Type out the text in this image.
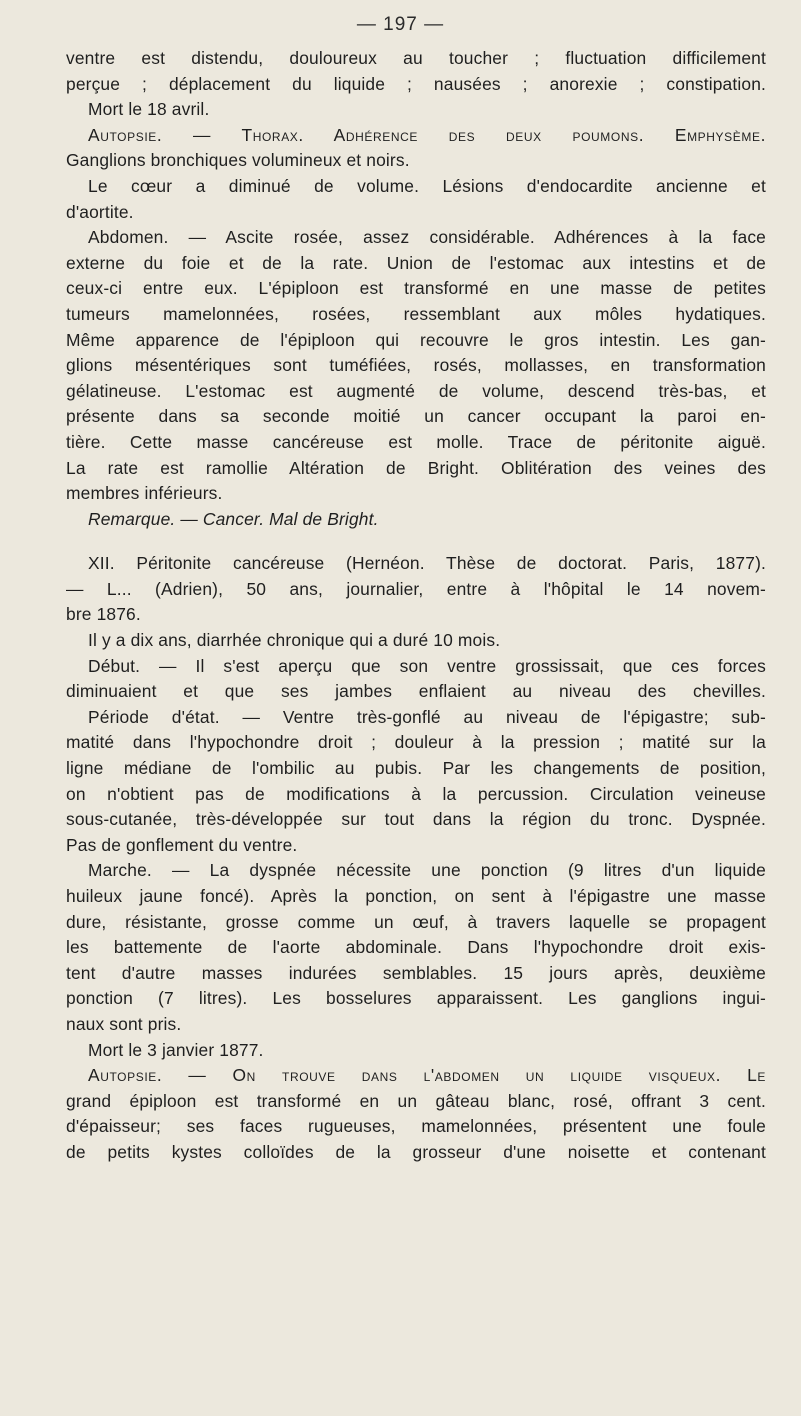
— 197 —
ventre est distendu, douloureux au toucher ; fluctuation difficilement
perçue ; déplacement du liquide ; nausées ; anorexie ; constipation.
Mort le 18 avril.
Autopsie. — Thorax. Adhérence des deux poumons. Emphysème.
Ganglions bronchiques volumineux et noirs.
Le cœur a diminué de volume. Lésions d'endocardite ancienne et
d'aortite.
Abdomen. — Ascite rosée, assez considérable. Adhérences à la face
externe du foie et de la rate. Union de l'estomac aux intestins et de
ceux-ci entre eux. L'épiploon est transformé en une masse de petites
tumeurs mamelonnées, rosées, ressemblant aux môles hydatiques.
Même apparence de l'épiploon qui recouvre le gros intestin. Les gan-
glions mésentériques sont tuméfiées, rosés, mollasses, en transformation
gélatineuse. L'estomac est augmenté de volume, descend très-bas, et
présente dans sa seconde moitié un cancer occupant la paroi en-
tière. Cette masse cancéreuse est molle. Trace de péritonite aiguë.
La rate est ramollie Altération de Bright. Oblitération des veines des
membres inférieurs.
Remarque. — Cancer. Mal de Bright.
XII. Péritonite cancéreuse (Hernéon. Thèse de doctorat. Paris, 1877).
— L... (Adrien), 50 ans, journalier, entre à l'hôpital le 14 novem-
bre 1876.
Il y a dix ans, diarrhée chronique qui a duré 10 mois.
Début. — Il s'est aperçu que son ventre grossissait, que ces forces
diminuaient et que ses jambes enflaient au niveau des chevilles.
Période d'état. — Ventre très-gonflé au niveau de l'épigastre; sub-
matité dans l'hypochondre droit ; douleur à la pression ; matité sur la
ligne médiane de l'ombilic au pubis. Par les changements de position,
on n'obtient pas de modifications à la percussion. Circulation veineuse
sous-cutanée, très-développée sur tout dans la région du tronc. Dyspnée.
Pas de gonflement du ventre.
Marche. — La dyspnée nécessite une ponction (9 litres d'un liquide
huileux jaune foncé). Après la ponction, on sent à l'épigastre une masse
dure, résistante, grosse comme un œuf, à travers laquelle se propagent
les battemente de l'aorte abdominale. Dans l'hypochondre droit exis-
tent d'autre masses indurées semblables. 15 jours après, deuxième
ponction (7 litres). Les bosselures apparaissent. Les ganglions ingui-
naux sont pris.
Mort le 3 janvier 1877.
Autopsie. — On trouve dans l'abdomen un liquide visqueux. Le
grand épiploon est transformé en un gâteau blanc, rosé, offrant 3 cent.
d'épaisseur; ses faces rugueuses, mamelonnées, présentent une foule
de petits kystes colloïdes de la grosseur d'une noisette et contenant
